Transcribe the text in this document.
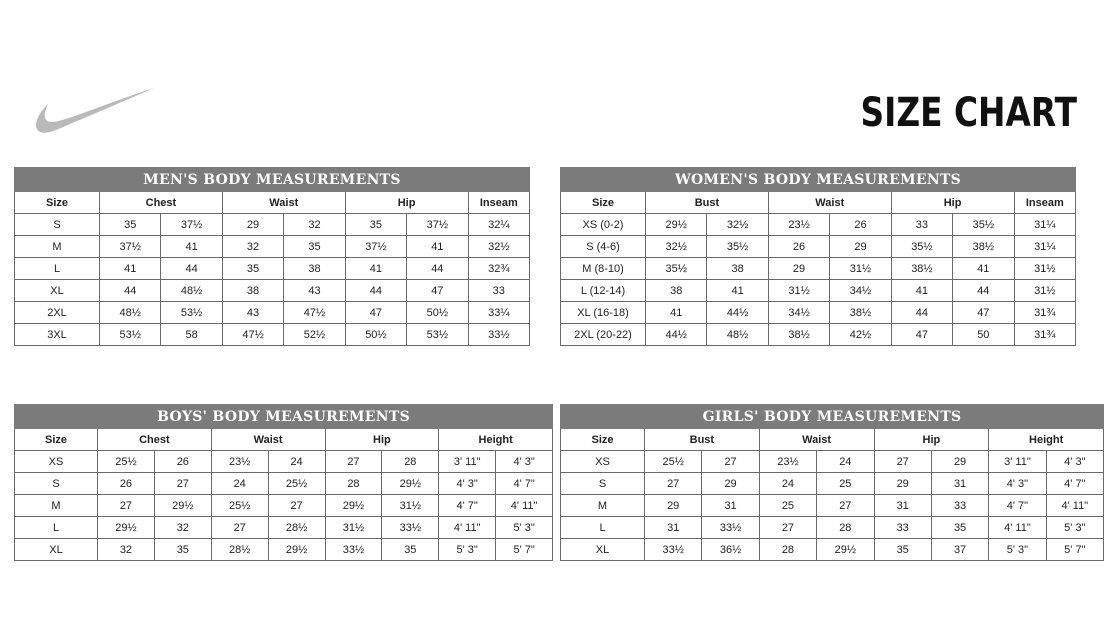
SIZE CHART
MEN'S BODY MEASUREMENTS							
Size	Chest		Waist		Hip		Inseam
S	35	37½	29	32	35	37½	32¼
M	37½	41	32	35	37½	41	32½
L	41	44	35	38	41	44	32¾
XL	44	48½	38	43	44	47	33
2XL	48½	53½	43	47½	47	50½	33¼
3XL	53½	58	47½	52½	50½	53½	33½
WOMEN'S BODY MEASUREMENTS							
Size	Bust		Waist		Hip		Inseam
XS (0-2)	29½	32½	23½	26	33	35½	31¼
S (4-6)	32½	35½	26	29	35½	38½	31¼
M (8-10)	35½	38	29	31½	38½	41	31½
L (12-14)	38	41	31½	34½	41	44	31½
XL (16-18)	41	44½	34½	38½	44	47	31¾
2XL (20-22)	44½	48½	38½	42½	47	50	31¾
BOYS' BODY MEASUREMENTS								
Size	Chest		Waist		Hip		Height	
XS	25½	26	23½	24	27	28	3' 11"	4' 3"
S	26	27	24	25½	28	29½	4' 3"	4' 7"
M	27	29½	25½	27	29½	31½	4' 7"	4' 11"
L	29½	32	27	28½	31½	33½	4' 11"	5' 3"
XL	32	35	28½	29½	33½	35	5' 3"	5' 7"
GIRLS' BODY MEASUREMENTS								
Size	Bust		Waist		Hip		Height	
XS	25½	27	23½	24	27	29	3' 11"	4' 3"
S	27	29	24	25	29	31	4' 3"	4' 7"
M	29	31	25	27	31	33	4' 7"	4' 11"
L	31	33½	27	28	33	35	4' 11"	5' 3"
XL	33½	36½	28	29½	35	37	5' 3"	5' 7"
